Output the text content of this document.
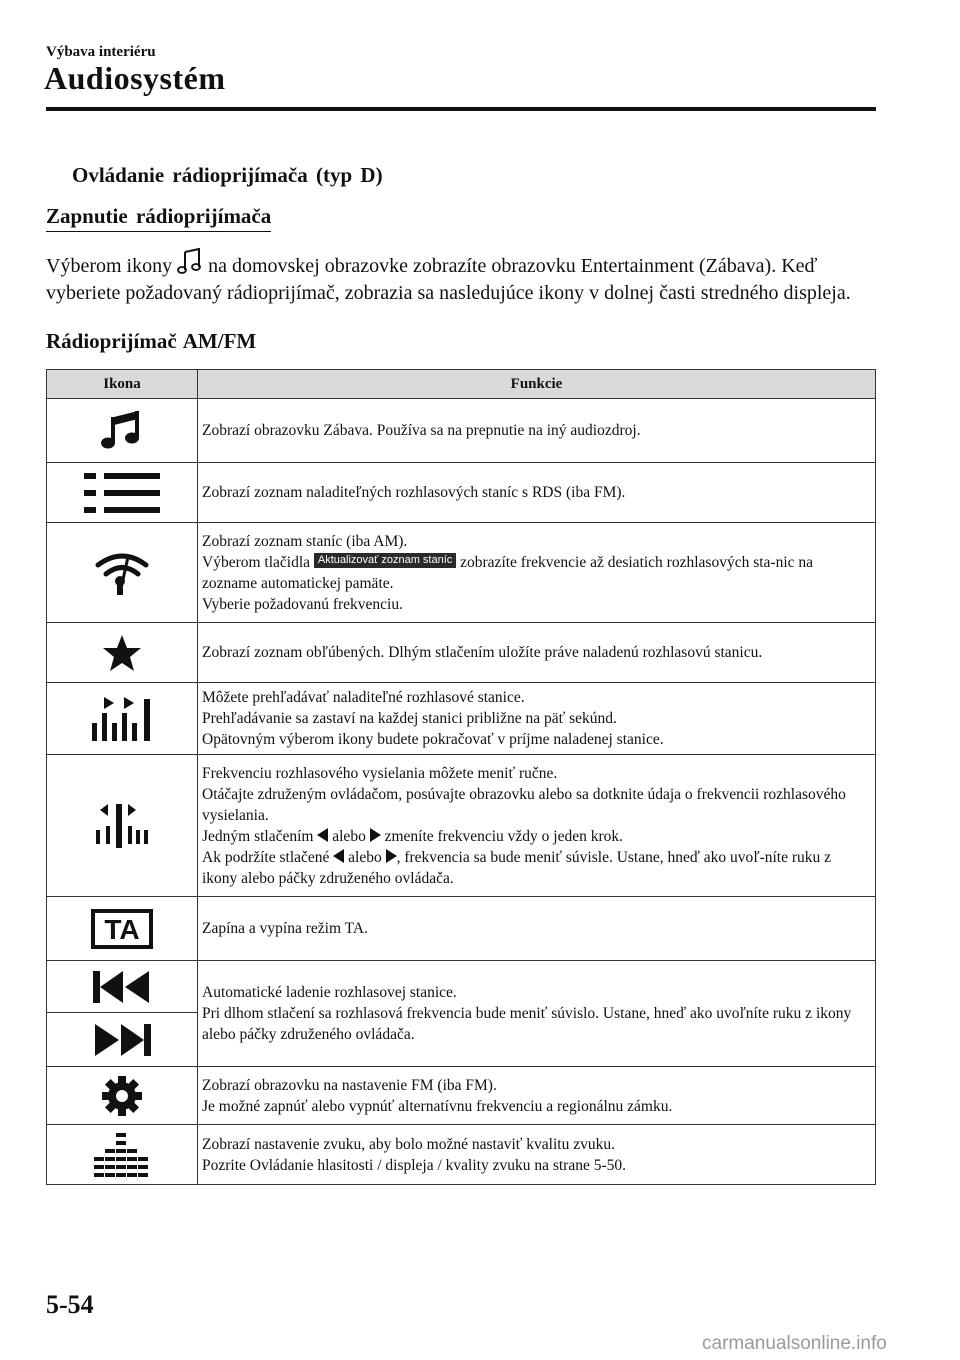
Výbava interiéru
Audiosystém
Ovládanie rádioprijímača (typ D)
Zapnutie rádioprijímača
Výberom ikony  na domovskej obrazovke zobrazíte obrazovku Entertainment (Zábava). Keď vyberiete požadovaný rádioprijímač, zobrazia sa nasledujúce ikony v dolnej časti stredného displeja.
Rádioprijímač AM/FM
Ikona	Funkcie

	Zobrazí obrazovku Zábava. Používa sa na prepnutie na iný audiozdroj.

	Zobrazí zoznam naladiteľných rozhlasových staníc s RDS (iba FM).

Zobrazí zoznam staníc (iba AM).
Výberom tlačidla Aktualizovať zoznam staníc zobrazíte frekvencie až desiatich rozhlasových sta-nic na zozname automatickej pamäte.
Vyberie požadovanú frekvenciu.

	Zobrazí zoznam obľúbených. Dlhým stlačením uložíte práve naladenú rozhlasovú stanicu.

Môžete prehľadávať naladiteľné rozhlasové stanice.
Prehľadávanie sa zastaví na každej stanici približne na päť sekúnd.
Opätovným výberom ikony budete pokračovať v príjme naladenej stanice.

Frekvenciu rozhlasového vysielania môžete meniť ručne.
Otáčajte združeným ovládačom, posúvajte obrazovku alebo sa dotknite údaja o frekvencii rozhlasového vysielania.
Jedným stlačením  alebo  zmeníte frekvenciu vždy o jeden krok.
Ak podržíte stlačené  alebo , frekvencia sa bude meniť súvisle. Ustane, hneď ako uvoľ-níte ruku z ikony alebo páčky združeného ovládača.

TA	Zapína a vypína režim TA.

Automatické ladenie rozhlasovej stanice.
Pri dlhom stlačení sa rozhlasová frekvencia bude meniť súvislo. Ustane, hneď ako uvoľníte ruku z ikony alebo páčky združeného ovládača.

Zobrazí obrazovku na nastavenie FM (iba FM).
Je možné zapnúť alebo vypnúť alternatívnu frekvenciu a regionálnu zámku.

Zobrazí nastavenie zvuku, aby bolo možné nastaviť kvalitu zvuku.
Pozrite Ovládanie hlasitosti / displeja / kvality zvuku na strane 5-50.
5-54
carmanualsonline.info
